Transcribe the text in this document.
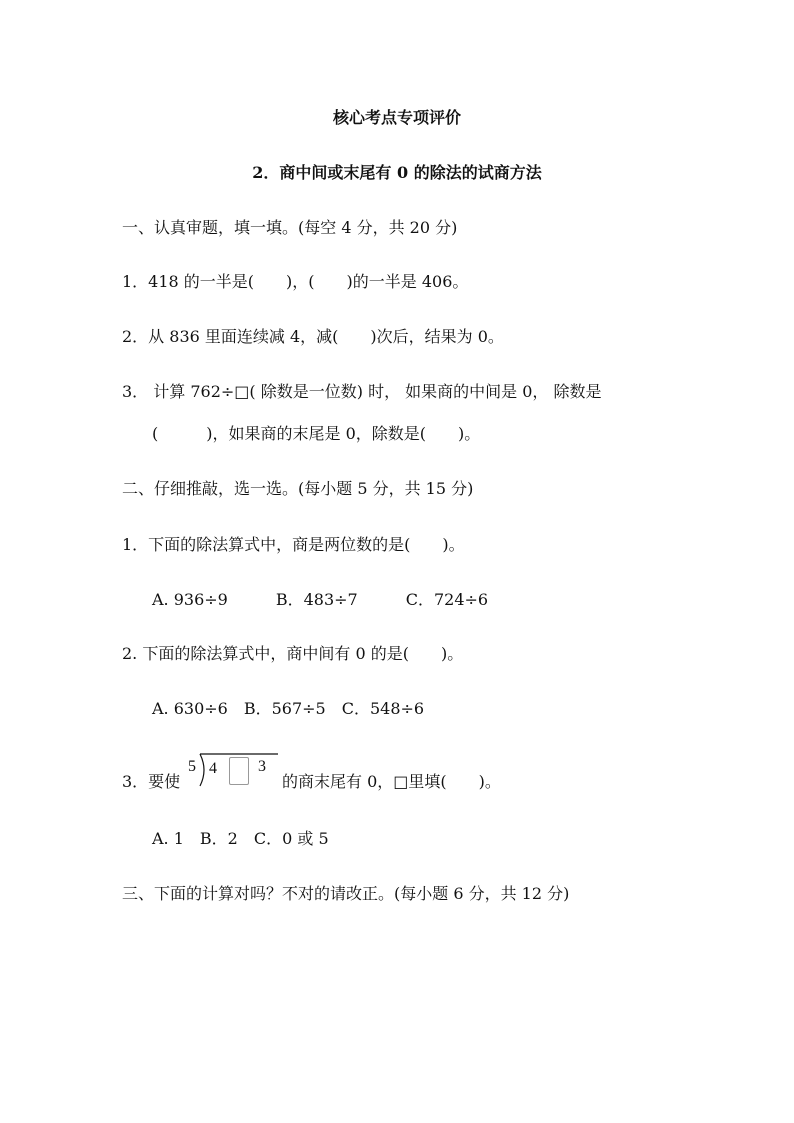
核心考点专项评价
2．商中间或末尾有 0 的除法的试商方法
一、认真审题，填一填。(每空 4 分，共 20 分)
1．418 的一半是(　　)，(　　)的一半是 406。
2．从 836 里面连续减 4，减(　　)次后，结果为 0。
3． 计算 762÷□( 除数是一位数) 时， 如果商的中间是 0， 除数是
(　　　)，如果商的末尾是 0，除数是(　　)。
二、仔细推敲，选一选。(每小题 5 分，共 15 分)
1．下面的除法算式中，商是两位数的是(　　)。
A. 936÷9　　　B．483÷7　　　C．724÷6
2. 下面的除法算式中，商中间有 0 的是(　　)。
A. 630÷6　B．567÷5　C．548÷6
3．要使
5 4	3
的商末尾有 0，□里填(　　)。
A. 1　B．2　C．0 或 5
三、下面的计算对吗？不对的请改正。(每小题 6 分，共 12 分)
